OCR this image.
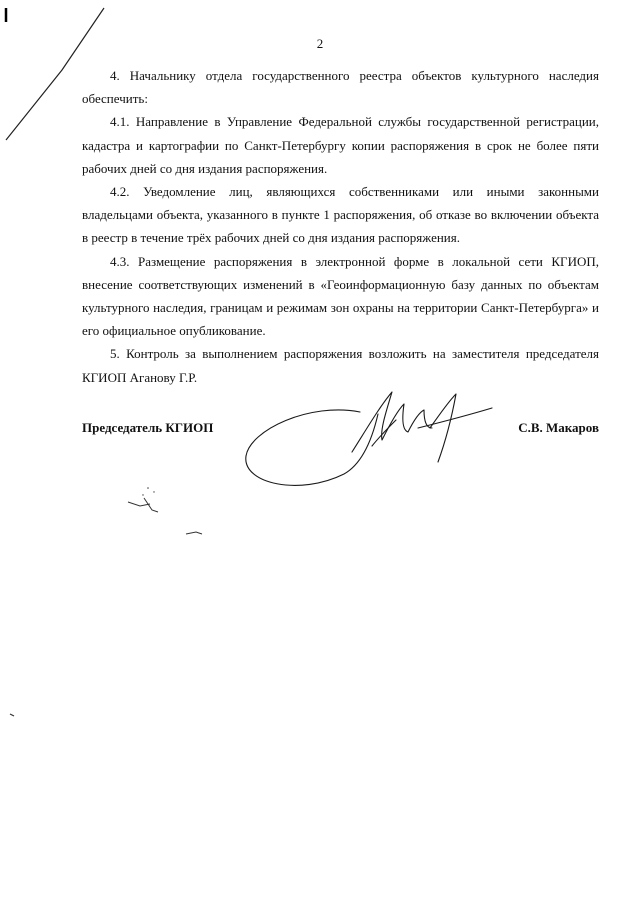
2

4. Начальнику отдела государственного реестра объектов культурного наследия обеспечить:

4.1. Направление в Управление Федеральной службы государственной регистрации, кадастра и картографии по Санкт-Петербургу копии распоряжения в срок не более пяти рабочих дней со дня издания распоряжения.

4.2. Уведомление лиц, являющихся собственниками или иными законными владельцами объекта, указанного в пункте 1 распоряжения, об отказе во включении объекта в реестр в течение трёх рабочих дней со дня издания распоряжения.

4.3. Размещение распоряжения в электронной форме в локальной сети КГИОП, внесение соответствующих изменений в «Геоинформационную базу данных по объектам культурного наследия, границам и режимам зон охраны на территории Санкт-Петербурга» и его официальное опубликование.

5. Контроль за выполнением распоряжения возложить на заместителя председателя КГИОП Аганову Г.Р.

Председатель КГИОП	С.В. Макаров
